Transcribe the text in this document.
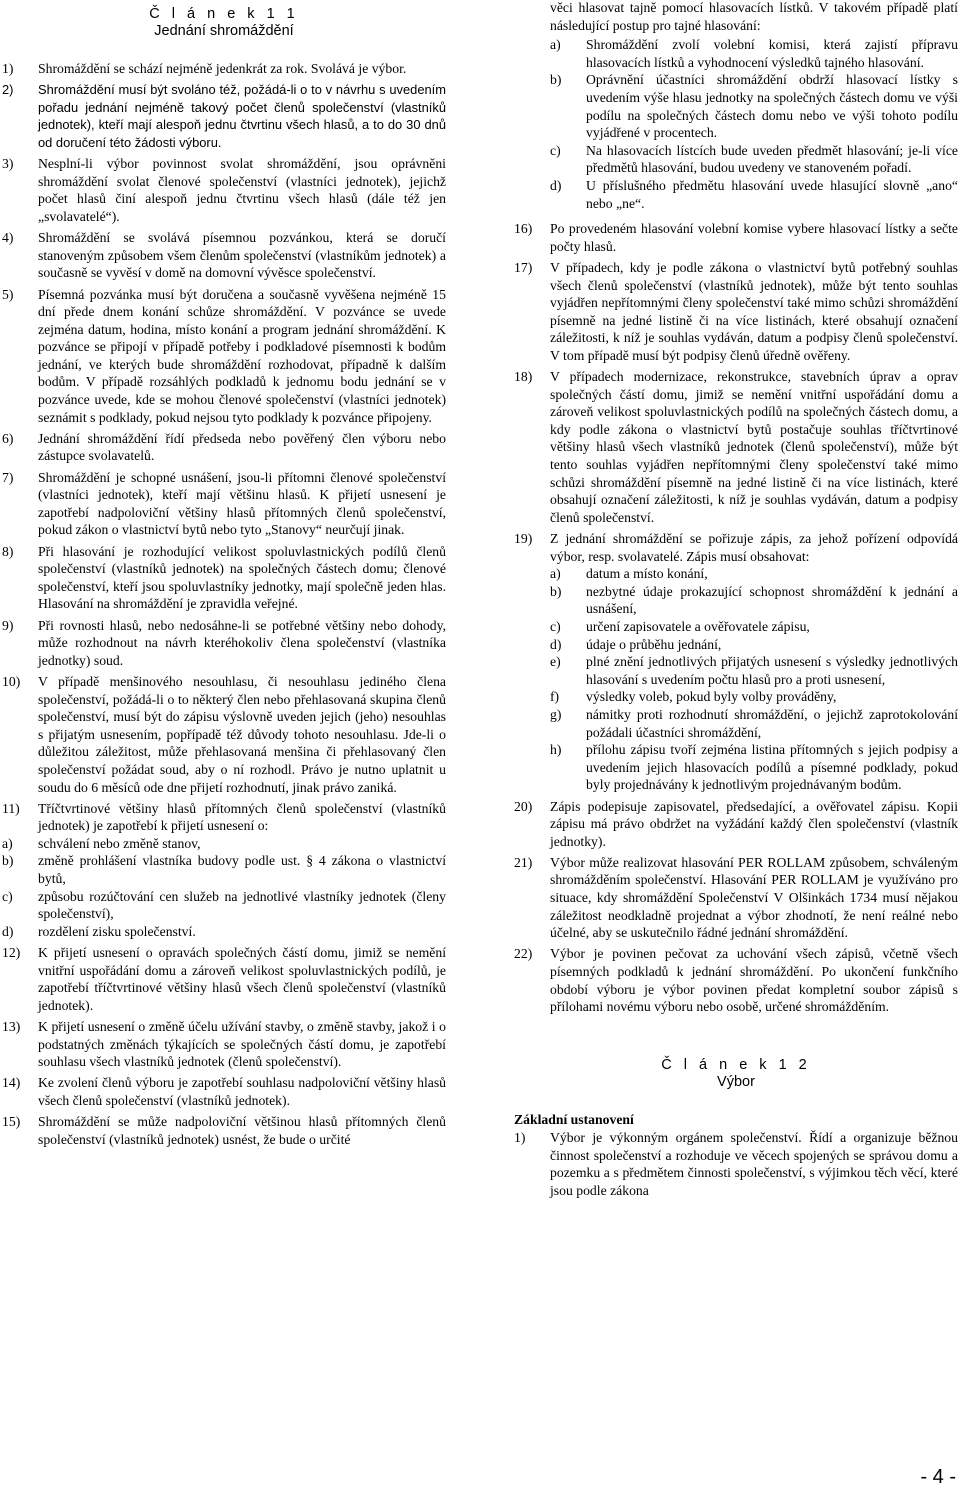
Č l á n e k 1 1
Jednání shromáždění
1)	Shromáždění se schází nejméně jedenkrát za rok. Svolává je výbor.
2)	Shromáždění musí být svoláno též, požádá-li o to v návrhu s uvedením pořadu jednání nejméně takový počet členů společenství (vlastníků jednotek), kteří mají alespoň jednu čtvrtinu všech hlasů, a to do 30 dnů od doručení této žádosti výboru.
3)	Nesplní-li výbor povinnost svolat shromáždění, jsou oprávněni shromáždění svolat členové společenství (vlastníci jednotek), jejichž počet hlasů činí alespoň jednu čtvrtinu všech hlasů (dále též jen „svolavatelé“).
4)	Shromáždění se svolává písemnou pozvánkou, která se doručí stanoveným způsobem všem členům společenství (vlastníkům jednotek) a současně se vyvěsí v domě na domovní vývěsce společenství.
5)	Písemná pozvánka musí být doručena a současně vyvěšena nejméně 15 dní přede dnem konání schůze shromáždění. V pozvánce se uvede zejména datum, hodina, místo konání a program jednání shromáždění. K pozvánce se připojí v případě potřeby i podkladové písemnosti k bodům jednání, ve kterých bude shromáždění rozhodovat, případně k dalším bodům. V případě rozsáhlých podkladů k jednomu bodu jednání se v pozvánce uvede, kde se mohou členové společenství (vlastníci jednotek) seznámit s podklady, pokud nejsou tyto podklady k pozvánce připojeny.
6)	Jednání shromáždění řídí předseda nebo pověřený člen výboru nebo zástupce svolavatelů.
7)	Shromáždění je schopné usnášení, jsou-li přítomni členové společenství (vlastníci jednotek), kteří mají většinu hlasů. K přijetí usnesení je zapotřebí nadpoloviční většiny hlasů přítomných členů společenství, pokud zákon o vlastnictví bytů nebo tyto „Stanovy“ neurčují jinak.
8)	Při hlasování je rozhodující velikost spoluvlastnických podílů členů společenství (vlastníků jednotek) na společných částech domu; členové společenství, kteří jsou spoluvlastníky jednotky, mají společně jeden hlas. Hlasování na shromáždění je zpravidla veřejné.
9)	Při rovnosti hlasů, nebo nedosáhne-li se potřebné většiny nebo dohody, může rozhodnout na návrh kteréhokoliv člena společenství (vlastníka jednotky) soud.
10)	V případě menšinového nesouhlasu, či nesouhlasu jediného člena společenství, požádá-li o to některý člen nebo přehlasovaná skupina členů společenství, musí být do zápisu výslovně uveden jejich (jeho) nesouhlas s přijatým usnesením, popřípadě též důvody tohoto nesouhlasu. Jde-li o důležitou záležitost, může přehlasovaná menšina či přehlasovaný člen společenství požádat soud, aby o ní rozhodl. Právo je nutno uplatnit u soudu do 6 měsíců ode dne přijetí rozhodnutí, jinak právo zaniká.
11)	Tříčtvrtinové většiny hlasů přítomných členů společenství (vlastníků jednotek) je zapotřebí k přijetí usnesení o:
a)	schválení nebo změně stanov,
b)	změně prohlášení vlastníka budovy podle ust. § 4 zákona o vlastnictví bytů,
c)	způsobu rozúčtování cen služeb na jednotlivé vlastníky jednotek (členy společenství),
d)	rozdělení zisku společenství.
12)	K přijetí usnesení o opravách společných částí domu, jimiž se nemění vnitřní uspořádání domu a zároveň velikost spoluvlastnických podílů, je zapotřebí tříčtvrtinové většiny hlasů všech členů společenství (vlastníků jednotek).
13)	K přijetí usnesení o změně účelu užívání stavby, o změně stavby, jakož i o podstatných změnách týkajících se společných částí domu, je zapotřebí souhlasu všech vlastníků jednotek (členů společenství).
14)	Ke zvolení členů výboru je zapotřebí souhlasu nadpoloviční většiny hlasů všech členů společenství (vlastníků jednotek).
15)	Shromáždění se může nadpoloviční většinou hlasů přítomných členů společenství (vlastníků jednotek) usnést, že bude o určité
věci hlasovat tajně pomocí hlasovacích lístků. V takovém případě platí následující postup pro tajné hlasování:
a)	Shromáždění zvolí volební komisi, která zajistí přípravu hlasovacích lístků a vyhodnocení výsledků tajného hlasování.
b)	Oprávnění účastníci shromáždění obdrží hlasovací lístky s uvedením výše hlasu jednotky na společných částech domu ve výši podílu na společných částech domu nebo ve výši tohoto podílu vyjádřené v procentech.
c)	Na hlasovacích lístcích bude uveden předmět hlasování; je-li více předmětů hlasování, budou uvedeny ve stanoveném pořadí.
d)	U příslušného předmětu hlasování uvede hlasující slovně „ano“ nebo „ne“.
16)	Po provedeném hlasování volební komise vybere hlasovací lístky a sečte počty hlasů.
17)	V případech, kdy je podle zákona o vlastnictví bytů potřebný souhlas všech členů společenství (vlastníků jednotek), může být tento souhlas vyjádřen nepřítomnými členy společenství také mimo schůzi shromáždění písemně na jedné listině či na více listinách, které obsahují označení záležitosti, k níž je souhlas vydáván, datum a podpisy členů společenství. V tom případě musí být podpisy členů úředně ověřeny.
18)	V případech modernizace, rekonstrukce, stavebních úprav a oprav společných částí domu, jimiž se nemění vnitřní uspořádání domu a zároveň velikost spoluvlastnických podílů na společných částech domu, a kdy podle zákona o vlastnictví bytů postačuje souhlas tříčtvrtinové většiny hlasů všech vlastníků jednotek (členů společenství), může být tento souhlas vyjádřen nepřítomnými členy společenství také mimo schůzi shromáždění písemně na jedné listině či na více listinách, které obsahují označení záležitosti, k níž je souhlas vydáván, datum a podpisy členů společenství.
19)	Z jednání shromáždění se pořizuje zápis, za jehož pořízení odpovídá výbor, resp. svolavatelé. Zápis musí obsahovat:
a)	datum a místo konání,
b)	nezbytné údaje prokazující schopnost shromáždění k jednání a usnášení,
c)	určení zapisovatele a ověřovatele zápisu,
d)	údaje o průběhu jednání,
e)	plné znění jednotlivých přijatých usnesení s výsledky jednotlivých hlasování s uvedením počtu hlasů pro a proti usnesení,
f)	výsledky voleb, pokud byly volby prováděny,
g)	námitky proti rozhodnutí shromáždění, o jejichž zaprotokolování požádali účastníci shromáždění,
h)	přílohu zápisu tvoří zejména listina přítomných s jejich podpisy a uvedením jejich hlasovacích podílů a písemné podklady, pokud byly projednávány k jednotlivým projednávaným bodům.
20)	Zápis podepisuje zapisovatel, předsedající, a ověřovatel zápisu. Kopii zápisu má právo obdržet na vyžádání každý člen společenství (vlastník jednotky).
21)	Výbor může realizovat hlasování PER ROLLAM způsobem, schváleným shromážděním společenství. Hlasování PER ROLLAM je využíváno pro situace, kdy shromáždění Společenství V Olšinkách 1734 musí nějakou záležitost neodkladně projednat a výbor zhodnotí, že není reálné nebo účelné, aby se uskutečnilo řádné jednání shromáždění.
22)	Výbor je povinen pečovat za uchování všech zápisů, včetně všech písemných podkladů k jednání shromáždění. Po ukončení funkčního období výboru je výbor povinen předat kompletní soubor zápisů s přílohami novému výboru nebo osobě, určené shromážděním.
Č l á n e k 1 2
Výbor
Základní ustanovení
1)	Výbor je výkonným orgánem společenství. Řídí a organizuje běžnou činnost společenství a rozhoduje ve věcech spojených se správou domu a pozemku a s předmětem činnosti společenství, s výjimkou těch věcí, které jsou podle zákona
- 4 -
